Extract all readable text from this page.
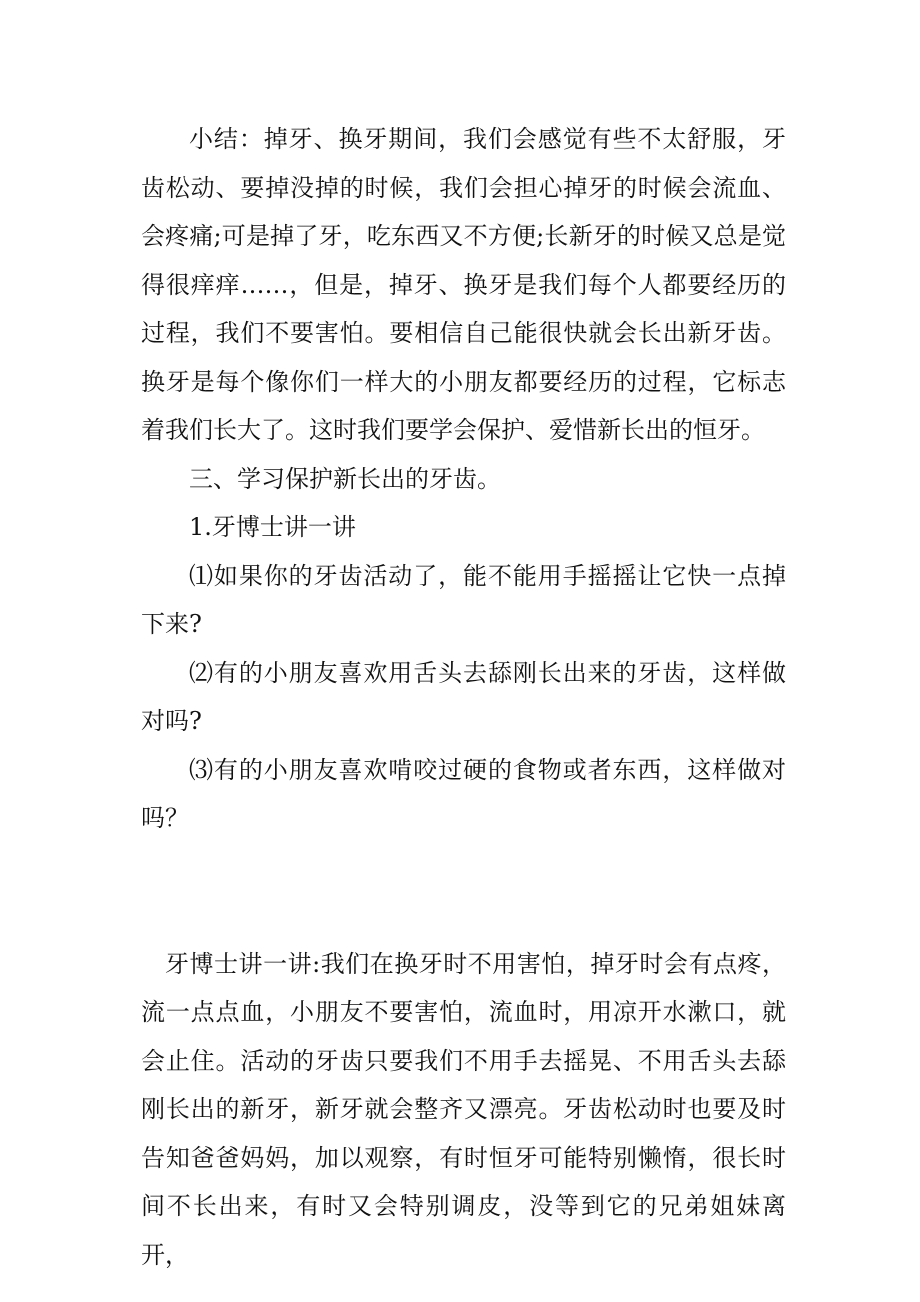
小结：掉牙、换牙期间，我们会感觉有些不太舒服，牙齿松动、要掉没掉的时候，我们会担心掉牙的时候会流血、会疼痛;可是掉了牙，吃东西又不方便;长新牙的时候又总是觉得很痒痒……，但是，掉牙、换牙是我们每个人都要经历的过程，我们不要害怕。要相信自己能很快就会长出新牙齿。换牙是每个像你们一样大的小朋友都要经历的过程，它标志着我们长大了。这时我们要学会保护、爱惜新长出的恒牙。

三、学习保护新长出的牙齿。

1.牙博士讲一讲

⑴如果你的牙齿活动了，能不能用手摇摇让它快一点掉下来?

⑵有的小朋友喜欢用舌头去舔刚长出来的牙齿，这样做对吗?

⑶有的小朋友喜欢啃咬过硬的食物或者东西，这样做对吗？

牙博士讲一讲:我们在换牙时不用害怕，掉牙时会有点疼，流一点点血，小朋友不要害怕，流血时，用凉开水漱口，就会止住。活动的牙齿只要我们不用手去摇晃、不用舌头去舔刚长出的新牙，新牙就会整齐又漂亮。牙齿松动时也要及时告知爸爸妈妈，加以观察，有时恒牙可能特别懒惰，很长时间不长出来，有时又会特别调皮，没等到它的兄弟姐妹离开，
